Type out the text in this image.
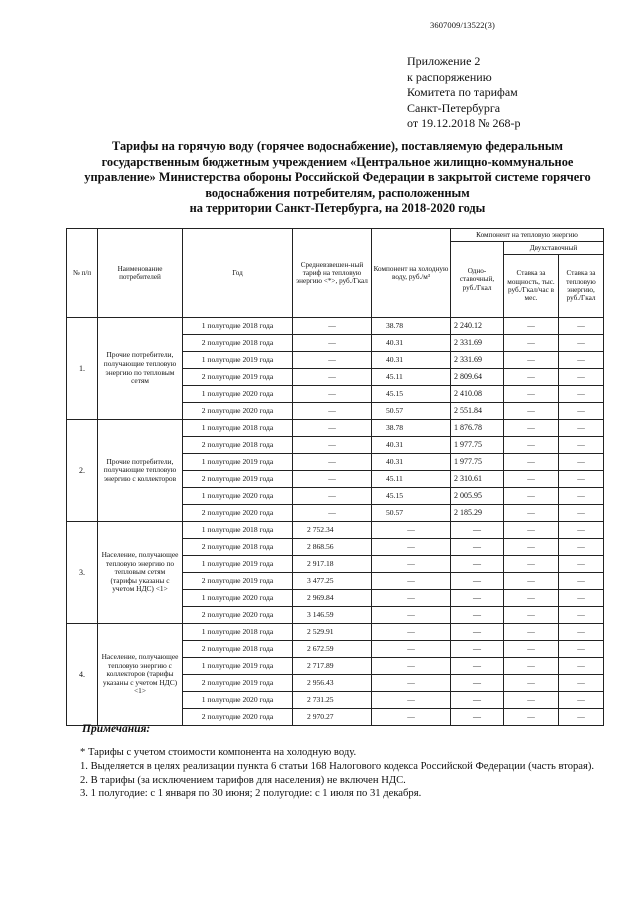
3607009/13522(3)
Приложение 2
к распоряжению
Комитета по тарифам
Санкт-Петербурга
от 19.12.2018 № 268-р
Тарифы на горячую воду (горячее водоснабжение), поставляемую федеральным
государственным бюджетным учреждением «Центральное жилищно-коммунальное
управление» Министерства обороны Российской Федерации в закрытой системе горячего
водоснабжения потребителям, расположенным
на территории Санкт-Петербурга, на 2018-2020 годы
№ п/п	Наименование потребителей	Год	Средневзвешен-ный тариф на тепловую энергию <*>, руб./Гкал	Компонент на холодную воду, руб./м³	Компонент на тепловую энергию		
					Одно-ставочный, руб./Гкал	Двухставочный	
						Ставка за мощность, тыс. руб./Гкал/час в мес.	Ставка за тепловую энергию, руб./Гкал
1.	Прочие потребители, получающие тепловую энергию по тепловым сетям	1 полугодие 2018 года	—	38.78	2 240.12	—	—
		2 полугодие 2018 года	—	40.31	2 331.69	—	—
		1 полугодие 2019 года	—	40.31	2 331.69	—	—
		2 полугодие 2019 года	—	45.11	2 809.64	—	—
		1 полугодие 2020 года	—	45.15	2 410.08	—	—
		2 полугодие 2020 года	—	50.57	2 551.84	—	—
2.	Прочие потребители, получающие тепловую энергию с коллекторов	1 полугодие 2018 года	—	38.78	1 876.78	—	—
		2 полугодие 2018 года	—	40.31	1 977.75	—	—
		1 полугодие 2019 года	—	40.31	1 977.75	—	—
		2 полугодие 2019 года	—	45.11	2 310.61	—	—
		1 полугодие 2020 года	—	45.15	2 005.95	—	—
		2 полугодие 2020 года	—	50.57	2 185.29	—	—
3.	Население, получающее тепловую энергию по тепловым сетям (тарифы указаны с учетом НДС) <1>	1 полугодие 2018 года	2 752.34	—	—	—	—
		2 полугодие 2018 года	2 868.56	—	—	—	—
		1 полугодие 2019 года	2 917.18	—	—	—	—
		2 полугодие 2019 года	3 477.25	—	—	—	—
		1 полугодие 2020 года	2 969.84	—	—	—	—
		2 полугодие 2020 года	3 146.59	—	—	—	—
4.	Население, получающее тепловую энергию с коллекторов (тарифы указаны с учетом НДС) <1>	1 полугодие 2018 года	2 529.91	—	—	—	—
		2 полугодие 2018 года	2 672.59	—	—	—	—
		1 полугодие 2019 года	2 717.89	—	—	—	—
		2 полугодие 2019 года	2 956.43	—	—	—	—
		1 полугодие 2020 года	2 731.25	—	—	—	—
		2 полугодие 2020 года	2 970.27	—	—	—	—
Примечания:
* Тарифы с учетом стоимости компонента на холодную воду.
1. Выделяется в целях реализации пункта 6 статьи 168 Налогового кодекса Российской Федерации (часть вторая).
2. В тарифы (за исключением тарифов для населения) не включен НДС.
3. 1 полугодие: с 1 января по 30 июня; 2 полугодие: с 1 июля по 31 декабря.
